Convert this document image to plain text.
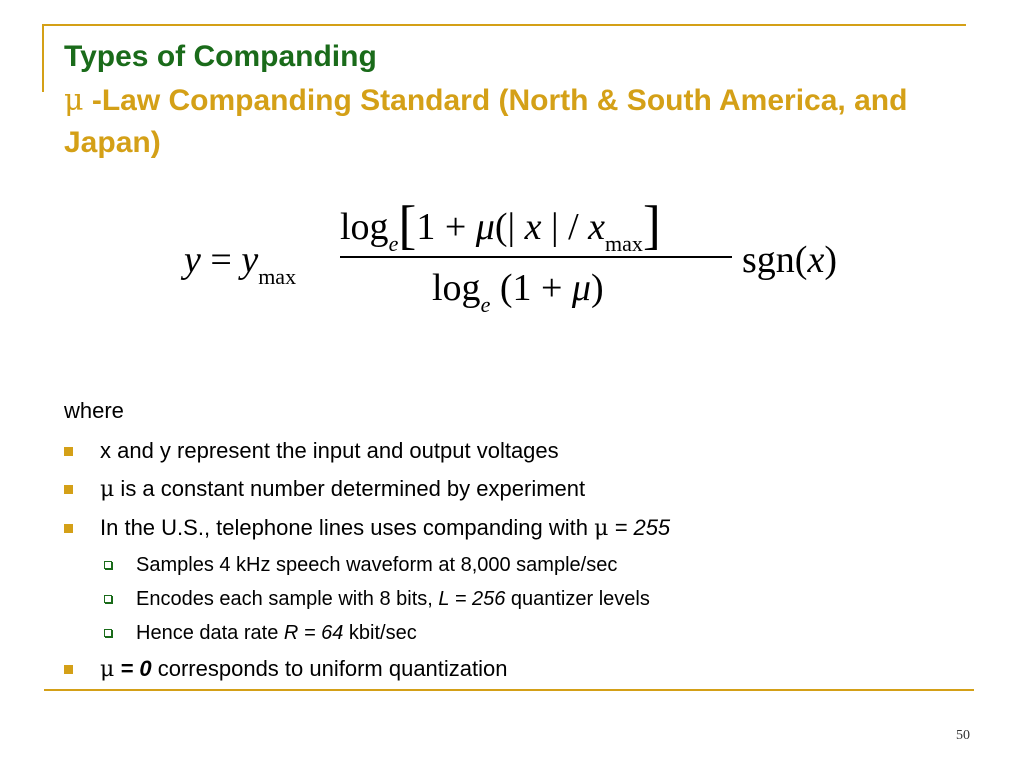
Types of Companding
μ -Law Companding Standard (North & South America, and Japan)
$y = y_{max}$
$\log_e[1 + \mu(|$ x | / $x_{max}$]
$\log_e (1 + \mu)$
sgn(x)
where
x and y represent the input and output voltages
μ is a constant number determined by experiment
In the U.S., telephone lines uses companding with μ = 255
Samples 4 kHz speech waveform at 8,000 sample/sec
Encodes each sample with 8 bits, L = 256 quantizer levels
Hence data rate R = 64 kbit/sec
μ = 0 corresponds to uniform quantization
50
